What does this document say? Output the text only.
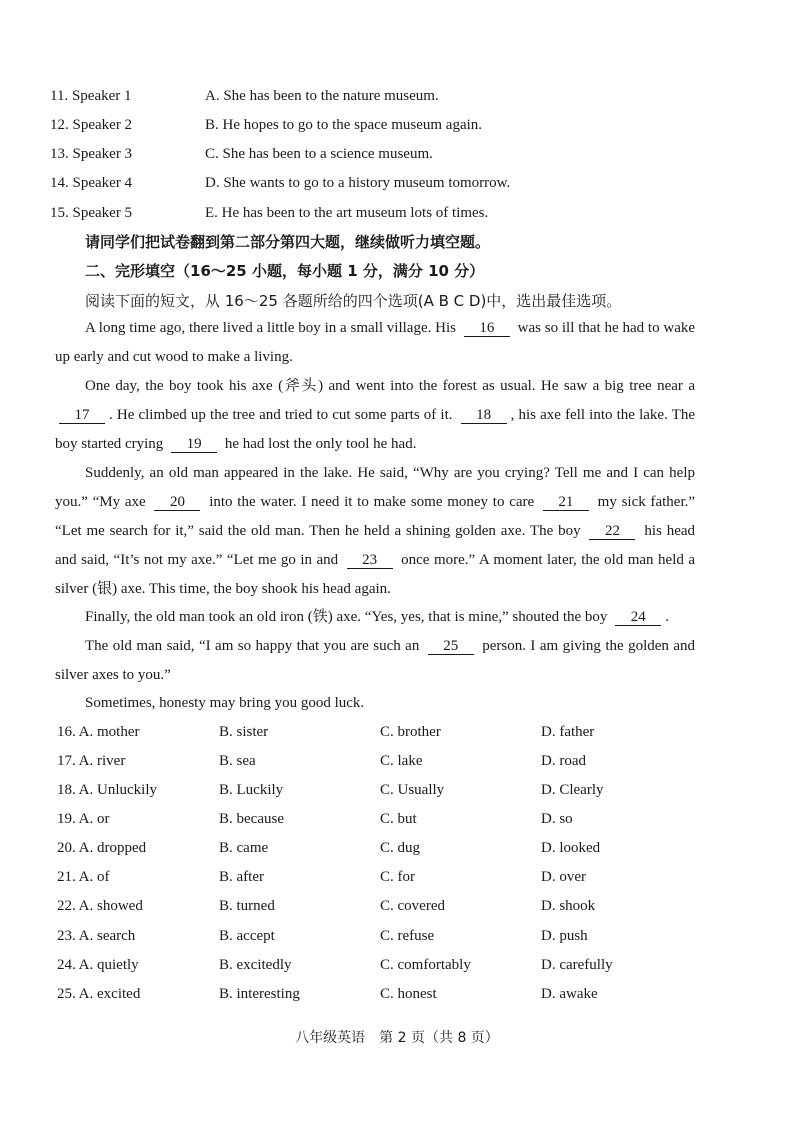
11. Speaker 1	A. She has been to the nature museum.
12. Speaker 2	B. He hopes to go to the space museum again.
13. Speaker 3	C. She has been to a science museum.
14. Speaker 4	D. She wants to go to a history museum tomorrow.
15. Speaker 5	E. He has been to the art museum lots of times.
请同学们把试卷翻到第二部分第四大题，继续做听力填空题。
二、完形填空（16～25 小题，每小题 1 分，满分 10 分）
阅读下面的短文，从 16～25 各题所给的四个选项(A B C D)中，选出最佳选项。
A long time ago, there lived a little boy in a small village. His 16 was so ill that he had to wake up early and cut wood to make a living.
One day, the boy took his axe (斧头) and went into the forest as usual. He saw a big tree near a 17 . He climbed up the tree and tried to cut some parts of it. 18 , his axe fell into the lake. The boy started crying 19 he had lost the only tool he had.
Suddenly, an old man appeared in the lake. He said, “Why are you crying? Tell me and I can help you.” “My axe 20 into the water. I need it to make some money to care 21 my sick father.” “Let me search for it,” said the old man. Then he held a shining golden axe. The boy 22 his head and said, “It’s not my axe.” “Let me go in and 23 once more.” A moment later, the old man held a silver (银) axe. This time, the boy shook his head again.
Finally, the old man took an old iron (铁) axe. “Yes, yes, that is mine,” shouted the boy 24 .
The old man said, “I am so happy that you are such an 25 person. I am giving the golden and silver axes to you.”
Sometimes, honesty may bring you good luck.
16. A. mother	B. sister	C. brother	D. father
17. A. river	B. sea	C. lake	D. road
18. A. Unluckily	B. Luckily	C. Usually	D. Clearly
19. A. or	B. because	C. but	D. so
20. A. dropped	B. came	C. dug	D. looked
21. A. of	B. after	C. for	D. over
22. A. showed	B. turned	C. covered	D. shook
23. A. search	B. accept	C. refuse	D. push
24. A. quietly	B. excitedly	C. comfortably	D. carefully
25. A. excited	B. interesting	C. honest	D. awake
八年级英语　第 2 页（共 8 页）
